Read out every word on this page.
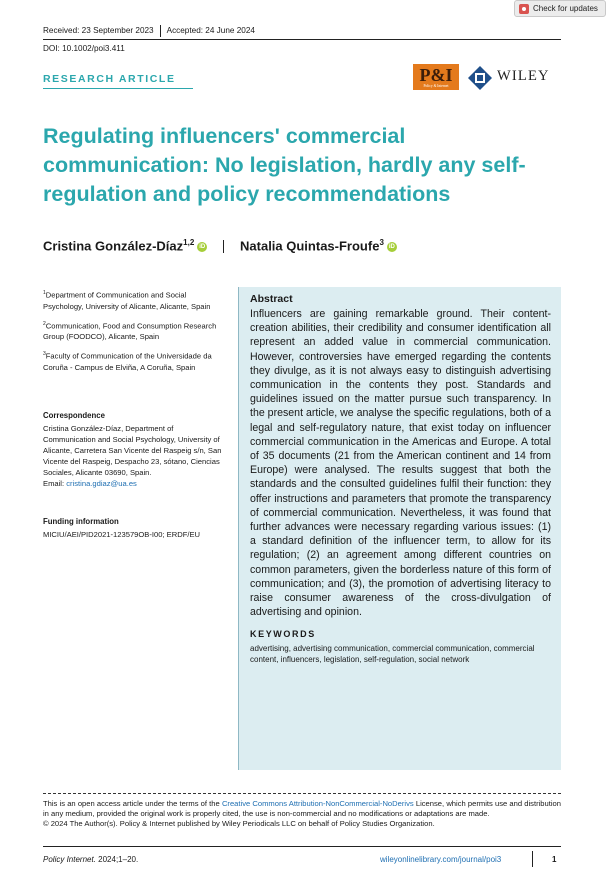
Check for updates
Received: 23 September 2023 Accepted: 24 June 2024
DOI: 10.1002/poi3.411
RESEARCH ARTICLE	P&I
Policy & Internet
WILEY
Regulating influencers' commercial communication: No legislation, hardly any self-regulation and policy recommendations
Cristina González-Díaz$^{1,2}$ iD	Natalia Quintas-Froufe$^3$ iD

$^1$Department of Communication and Social Psychology, University of Alicante, Alicante, Spain

$^2$Communication, Food and Consumption Research Group (FOODCO), Alicante, Spain

$^3$Faculty of Communication of the Universidade da Coruña - Campus de Elviña, A Coruña, Spain

Correspondence
Cristina González-Díaz, Department of Communication and Social Psychology, University of Alicante, Carretera San Vicente del Raspeig s/n, San Vicente del Raspeig, Despacho 23, sótano, Ciencias Sociales, Alicante 03690, Spain.
Email: cristina.gdiaz@ua.es
Funding information
MICIU/AEI/PID2021-123579OB-I00; ERDF/EU
Abstract

Influencers are gaining remarkable ground. Their content-creation abilities, their credibility and consumer identification all represent an added value in commercial communication. However, controversies have emerged regarding the contents they divulge, as it is not always easy to distinguish advertising communication in the contents they post. Standards and guidelines issued on the matter pursue such transparency. In the present article, we analyse the specific regulations, both of a legal and self-regulatory nature, that exist today on influencer commercial communication in the Americas and Europe. A total of 35 documents (21 from the American continent and 14 from Europe) were analysed. The results suggest that both the standards and the consulted guidelines fulfil their function: they offer instructions and parameters that promote the transparency of commercial communication. Nevertheless, it was found that further advances were necessary regarding various issues: (1) a standard definition of the influencer term, to allow for its regulation; (2) an agreement among different countries on common parameters, given the borderless nature of this form of communication; and (3), the promotion of advertising literacy to raise consumer awareness of the cross-divulgation of advertising and opinion.

KEYWORDS
advertising, advertising communication, commercial communication, commercial content, influencers, legislation, self-regulation, social network
This is an open access article under the terms of the Creative Commons Attribution-NonCommercial-NoDerivs License, which permits use and distribution in any medium, provided the original work is properly cited, the use is non-commercial and no modifications or adaptations are made.
© 2024 The Author(s). Policy & Internet published by Wiley Periodicals LLC on behalf of Policy Studies Organization.
Policy Internet. 2024;1–20.	wileyonlinelibrary.com/journal/poi3	1
